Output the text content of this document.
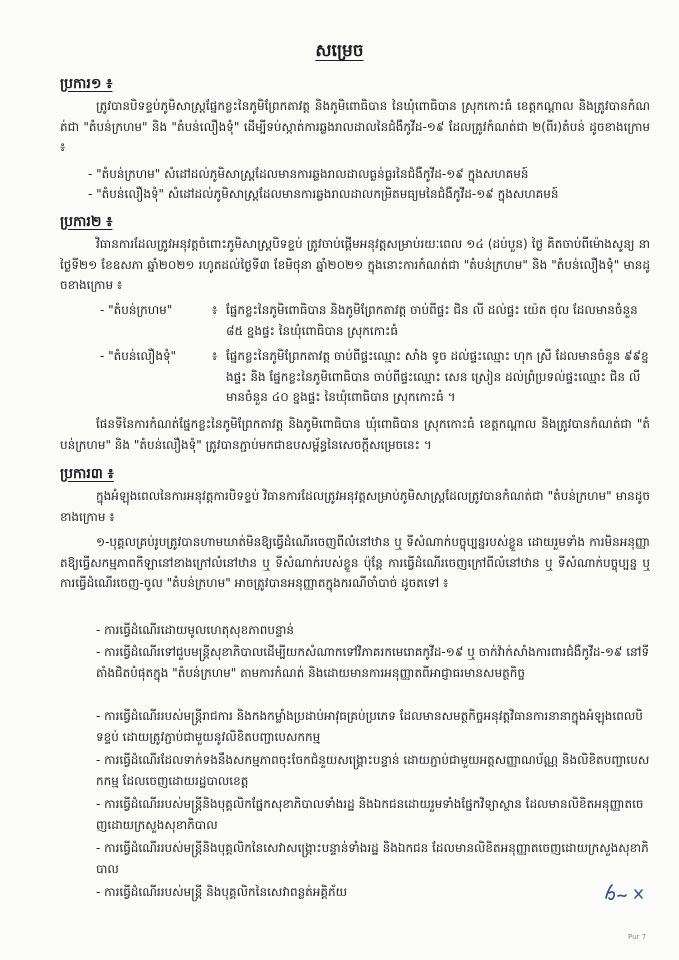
សម្រេច
ប្រការ១ ៖
ត្រូវបានបិទខ្ទប់ភូមិសាស្ត្រផ្នែកខ្លះនៃភូមិព្រែកតាវត្ត និងភូមិពោធិបាន នៃឃុំពោធិបាន ស្រុកកោះធំ ខេត្តកណ្តាល និងត្រូវបានកំណត់ជា "តំបន់ក្រហម" និង "តំបន់លឿងទុំ" ដើម្បីទប់ស្កាត់ការឆ្លងរាលដាលនៃជំងឺកូវីដ-១៩ ដែលត្រូវកំណត់ជា ២(ពីរ)តំបន់ ដូចខាងក្រោម ៖
- "តំបន់ក្រហម" សំដៅដល់ភូមិសាស្ត្រដែលមានការឆ្លងរាលដាលធ្ងន់ធ្ងរនៃជំងឺកូវីដ-១៩ ក្នុងសហគមន៍
- "តំបន់លឿងទុំ" សំដៅដល់ភូមិសាស្ត្រដែលមានការឆ្លងរាលដាលកម្រិតមធ្យមនៃជំងឺកូវីដ-១៩ ក្នុងសហគមន៍
ប្រការ២ ៖
វិធានការដែលត្រូវអនុវត្តចំពោះភូមិសាស្ត្របិទខ្ទប់ ត្រូវចាប់ផ្តើមអនុវត្តសម្រាប់រយៈពេល ១៤ (ដប់បួន) ថ្ងៃ គិតចាប់ពីម៉ោងសូន្យ នាថ្ងៃទី២១ ខែឧសភា ឆ្នាំ២០២១ រហូតដល់ថ្ងៃទី៣ ខែមិថុនា ឆ្នាំ២០២១ ក្នុងនោះការកំណត់ជា "តំបន់ក្រហម" និង "តំបន់លឿងទុំ" មានដូចខាងក្រោម ៖
- "តំបន់ក្រហម"	៖ ផ្នែកខ្លះនៃភូមិពោធិបាន និងភូមិព្រែកតាវត្ត ចាប់ពីផ្ទះ ជិន លី ដល់ផ្ទះ យ៉េត ថុល ដែលមានចំនួន ៨៥ ខ្នងផ្ទះ នៃឃុំពោធិបាន ស្រុកកោះធំ
- "តំបន់លឿងទុំ"	៖ ផ្នែកខ្លះនៃភូមិព្រែកតាវត្ត ចាប់ពីផ្ទះឈ្មោះ សាំង ទូច ដល់ផ្ទះឈ្មោះ ហុក ស្រី ដែលមានចំនួន ៩៩ខ្នងផ្ទះ និង ផ្នែកខ្លះនៃភូមិពោធិបាន ចាប់ពីផ្ទះឈ្មោះ សេន ស្រៀន ដល់ព្រំប្រទល់ផ្ទះឈ្មោះ ជិន លី មានចំនួន ៤០ ខ្នងផ្ទះ នៃឃុំពោធិបាន ស្រុកកោះធំ ។
ផែនទីនៃការកំណត់ផ្នែកខ្លះនៃភូមិព្រែកតាវត្ត និងភូមិពោធិបាន ឃុំពោធិបាន ស្រុកកោះធំ ខេត្តកណ្តាល និងត្រូវបានកំណត់ជា "តំបន់ក្រហម" និង "តំបន់លឿងទុំ" ត្រូវបានភ្ជាប់មកជាឧបសម្ព័ន្ធនៃសេចក្តីសម្រេចនេះ ។
ប្រការ៣ ៖
ក្នុងអំឡុងពេលនៃការអនុវត្តការបិទខ្ទប់ វិធានការដែលត្រូវអនុវត្តសម្រាប់ភូមិសាស្ត្រដែលត្រូវបានកំណត់ជា "តំបន់ក្រហម" មានដូចខាងក្រោម ៖
១-បុគ្គលគ្រប់រូបត្រូវបានហាមឃាត់មិនឱ្យធ្វើដំណើរចេញពីលំនៅឋាន ឬ ទីសំណាក់បច្ចុប្បន្នរបស់ខ្លួន ដោយរួមទាំង ការមិនអនុញ្ញាតឱ្យធ្វើសកម្មភាពកីឡានៅខាងក្រៅលំនៅឋាន ឬ ទីសំណាក់របស់ខ្លួន ប៉ុន្តែ ការធ្វើដំណើរចេញក្រៅពីលំនៅឋាន ឬ ទីសំណាក់បច្ចុប្បន្ន ឬ ការធ្វើដំណើរចេញ-ចូល "តំបន់ក្រហម" អាចត្រូវបានអនុញ្ញាតក្នុងករណីចាំបាច់ ដូចតទៅ ៖
- ការធ្វើដំណើរដោយមូលហេតុសុខភាពបន្ទាន់
- ការធ្វើដំណើរទៅជួបមន្ត្រីសុខាភិបាលដើម្បីយកសំណាកទៅវិភាគរកមេរោគកូវីដ-១៩ ឬ ចាក់វ៉ាក់សាំងការពារជំងឺកូវីដ-១៩ នៅទីតាំងជិតបំផុតក្នុង "តំបន់ក្រហម" តាមការកំណត់ និងដោយមានការអនុញ្ញាតពីអាជ្ញាធរមានសមត្ថកិច្ច
- ការធ្វើដំណើររបស់មន្ត្រីរាជការ និងកងកម្លាំងប្រដាប់អាវុធគ្រប់ប្រភេទ ដែលមានសមត្ថកិច្ចអនុវត្តវិធានការនានាក្នុងអំឡុងពេលបិទខ្ទប់ ដោយត្រូវភ្ជាប់ជាមួយនូវលិខិតបញ្ជាបេសកកម្ម
- ការធ្វើដំណើរដែលទាក់ទងនឹងសកម្មភាពចុះចែកជំនួយសង្គ្រោះបន្ទាន់ ដោយភ្ជាប់ជាមួយអត្តសញ្ញាណប័ណ្ណ និងលិខិតបញ្ជាបេសកកម្ម ដែលចេញដោយរដ្ឋបាលខេត្ត
- ការធ្វើដំណើររបស់មន្ត្រីនិងបុគ្គលិកផ្នែកសុខាភិបាលទាំងរដ្ឋ និងឯកជនដោយរួមទាំងផ្នែកវិទ្យាស្ថាន ដែលមានលិខិតអនុញ្ញាតចេញដោយក្រសួងសុខាភិបាល
- ការធ្វើដំណើររបស់មន្ត្រីនិងបុគ្គលិកនៃសេវាសង្គ្រោះបន្ទាន់ទាំងរដ្ឋ និងឯកជន ដែលមានលិខិតអនុញ្ញាតចេញដោយក្រសួងសុខាភិបាល
- ការធ្វើដំណើររបស់មន្ត្រី និងបុគ្គលិកនៃសេវាពន្លត់អគ្គិភ័យ
Pur 7
